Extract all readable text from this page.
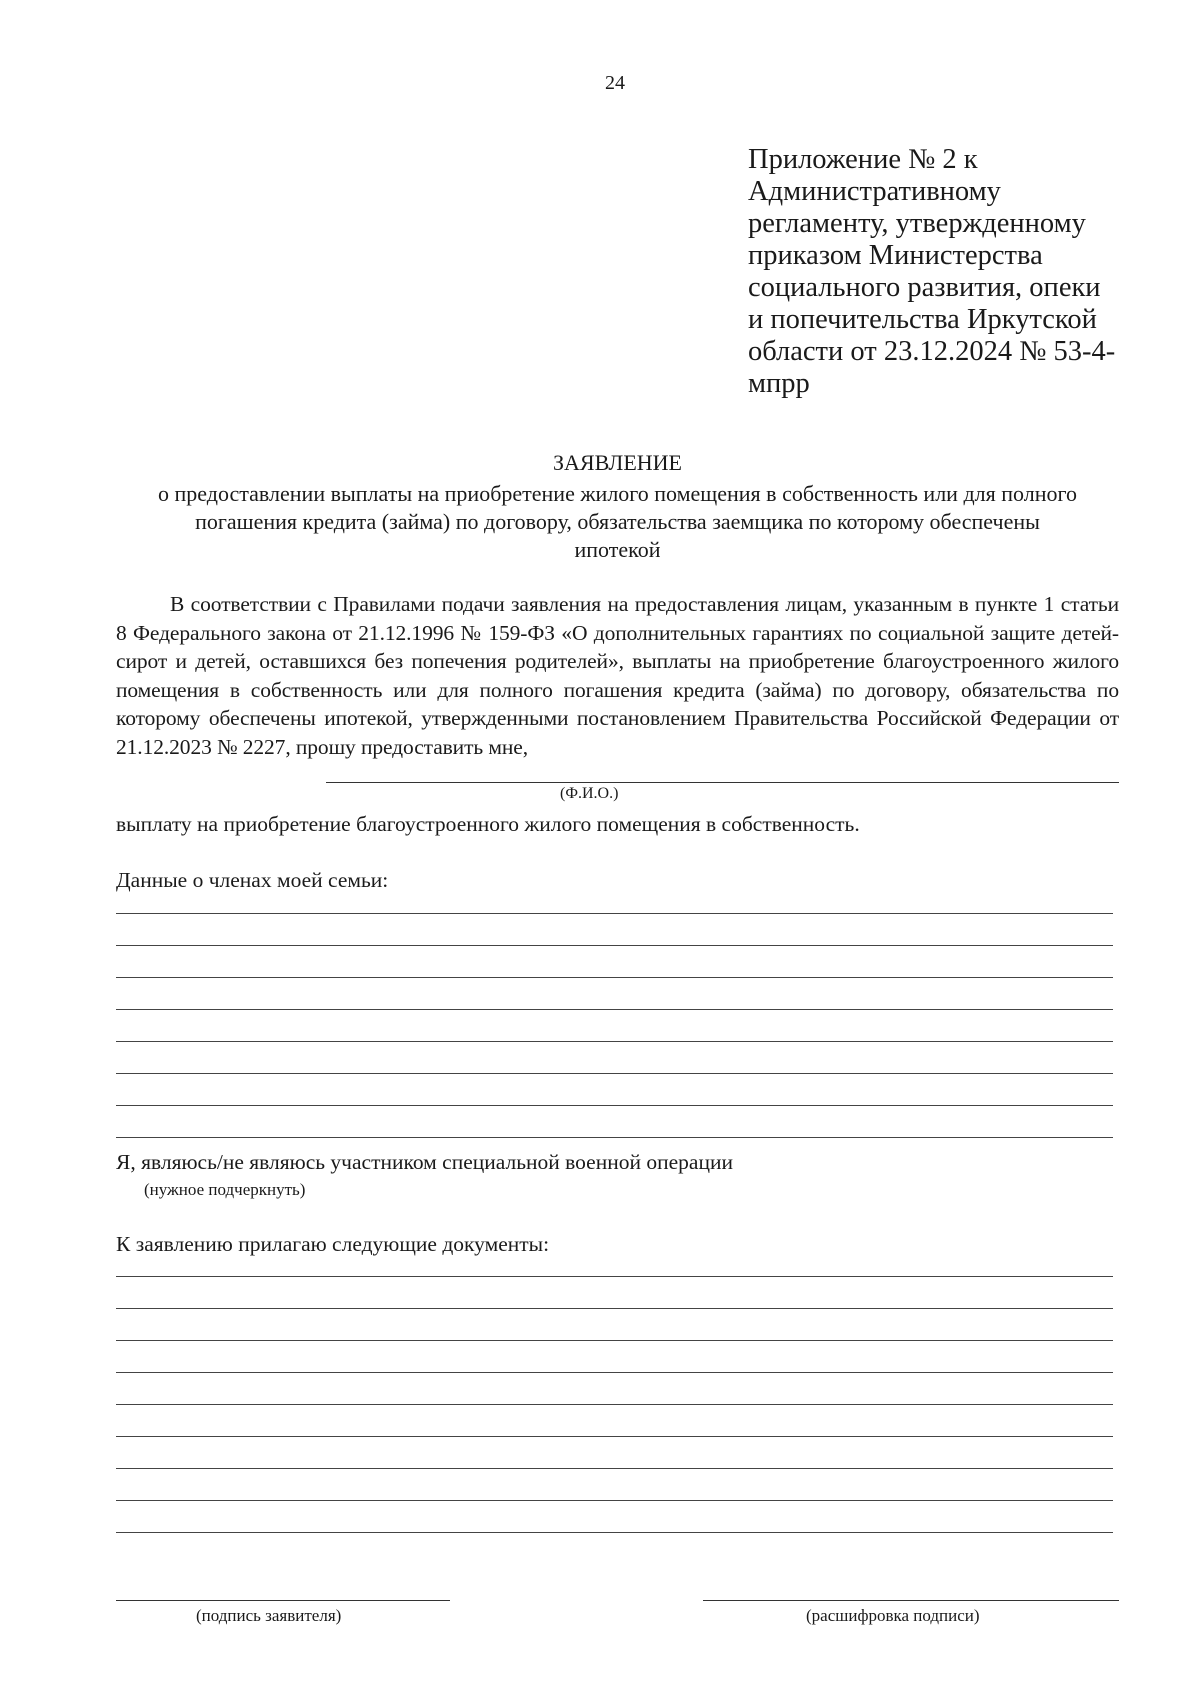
24
Приложение № 2 к
Административному
регламенту, утвержденному
приказом Министерства
социального развития, опеки
и попечительства Иркутской
области от 23.12.2024 № 53-4-
мпрр
ЗАЯВЛЕНИЕ
о предоставлении выплаты на приобретение жилого помещения в собственность или для полного погашения кредита (займа) по договору, обязательства заемщика по которому обеспечены ипотекой
В соответствии с Правилами подачи заявления на предоставления лицам, указанным в пункте 1 статьи 8 Федерального закона от 21.12.1996 № 159-ФЗ «О дополнительных гарантиях по социальной защите детей-сирот и детей, оставшихся без попечения родителей», выплаты на приобретение благоустроенного жилого помещения в собственность или для полного погашения кредита (займа) по договору, обязательства по которому обеспечены ипотекой, утвержденными постановлением Правительства Российской Федерации от 21.12.2023 № 2227, прошу предоставить мне,
(Ф.И.О.)
выплату на приобретение благоустроенного жилого помещения в собственность.
Данные о членах моей семьи:
Я, являюсь/не являюсь участником специальной военной операции
(нужное подчеркнуть)
К заявлению прилагаю следующие документы:
(подпись заявителя)	(расшифровка подписи)
